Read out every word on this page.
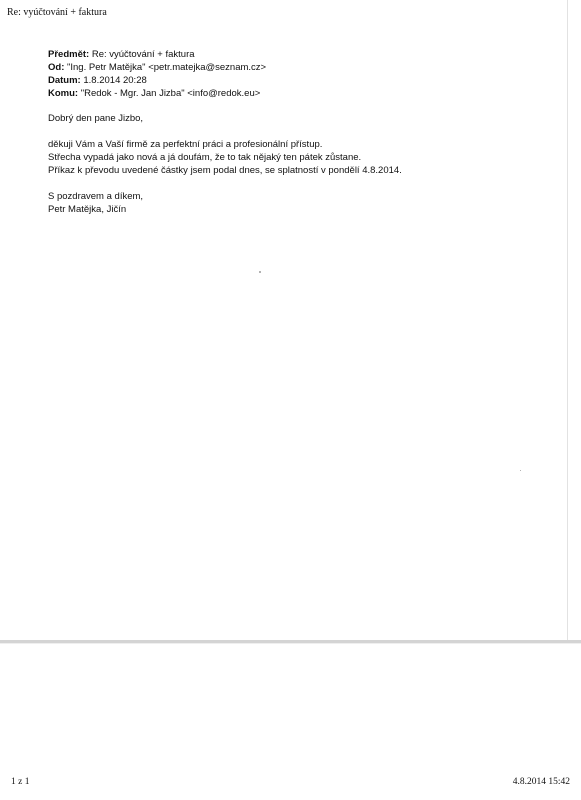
Re: vyúčtování + faktura
Předmět: Re: vyúčtování + faktura
Od: "Ing. Petr Matějka" <petr.matejka@seznam.cz>
Datum: 1.8.2014 20:28
Komu: "Redok - Mgr. Jan Jizba" <info@redok.eu>

Dobrý den pane Jizbo,

děkuji Vám a Vaší firmě za perfektní práci a profesionální přístup.

Střecha vypadá jako nová a já doufám, že to tak nějaký ten pátek zůstane.

Příkaz k převodu uvedené částky jsem podal dnes, se splatností v pondělí 4.8.2014.

S pozdravem a díkem,

Petr Matějka, Jičín

1 z 1	4.8.2014 15:42
